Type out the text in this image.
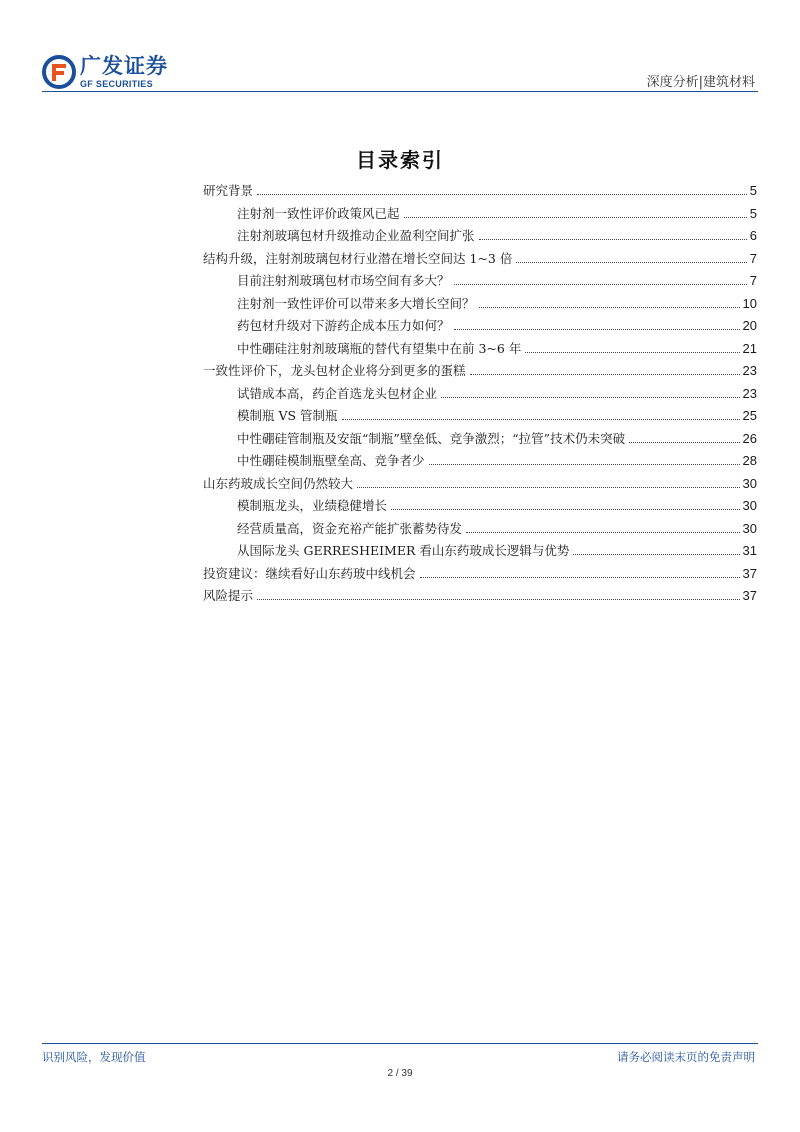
广发证券
GF SECURITIES	深度分析|建筑材料
目录索引
研究背景	5
注射剂一致性评价政策风已起	5
注射剂玻璃包材升级推动企业盈利空间扩张	6
结构升级，注射剂玻璃包材行业潜在增长空间达 1~3 倍	7
目前注射剂玻璃包材市场空间有多大？	7
注射剂一致性评价可以带来多大增长空间？	10
药包材升级对下游药企成本压力如何？	20
中性硼硅注射剂玻璃瓶的替代有望集中在前 3~6 年	21
一致性评价下，龙头包材企业将分到更多的蛋糕	23
试错成本高，药企首选龙头包材企业	23
模制瓶 VS 管制瓶	25
中性硼硅管制瓶及安瓿“制瓶”壁垒低、竞争激烈；“拉管”技术仍未突破	26
中性硼硅模制瓶壁垒高、竞争者少	28
山东药玻成长空间仍然较大	30
模制瓶龙头，业绩稳健增长	30
经营质量高，资金充裕产能扩张蓄势待发	30
从国际龙头 GERRESHEIMER 看山东药玻成长逻辑与优势	31
投资建议：继续看好山东药玻中线机会	37
风险提示	37
识别风险，发现价值	请务必阅读末页的免责声明
2 / 39
